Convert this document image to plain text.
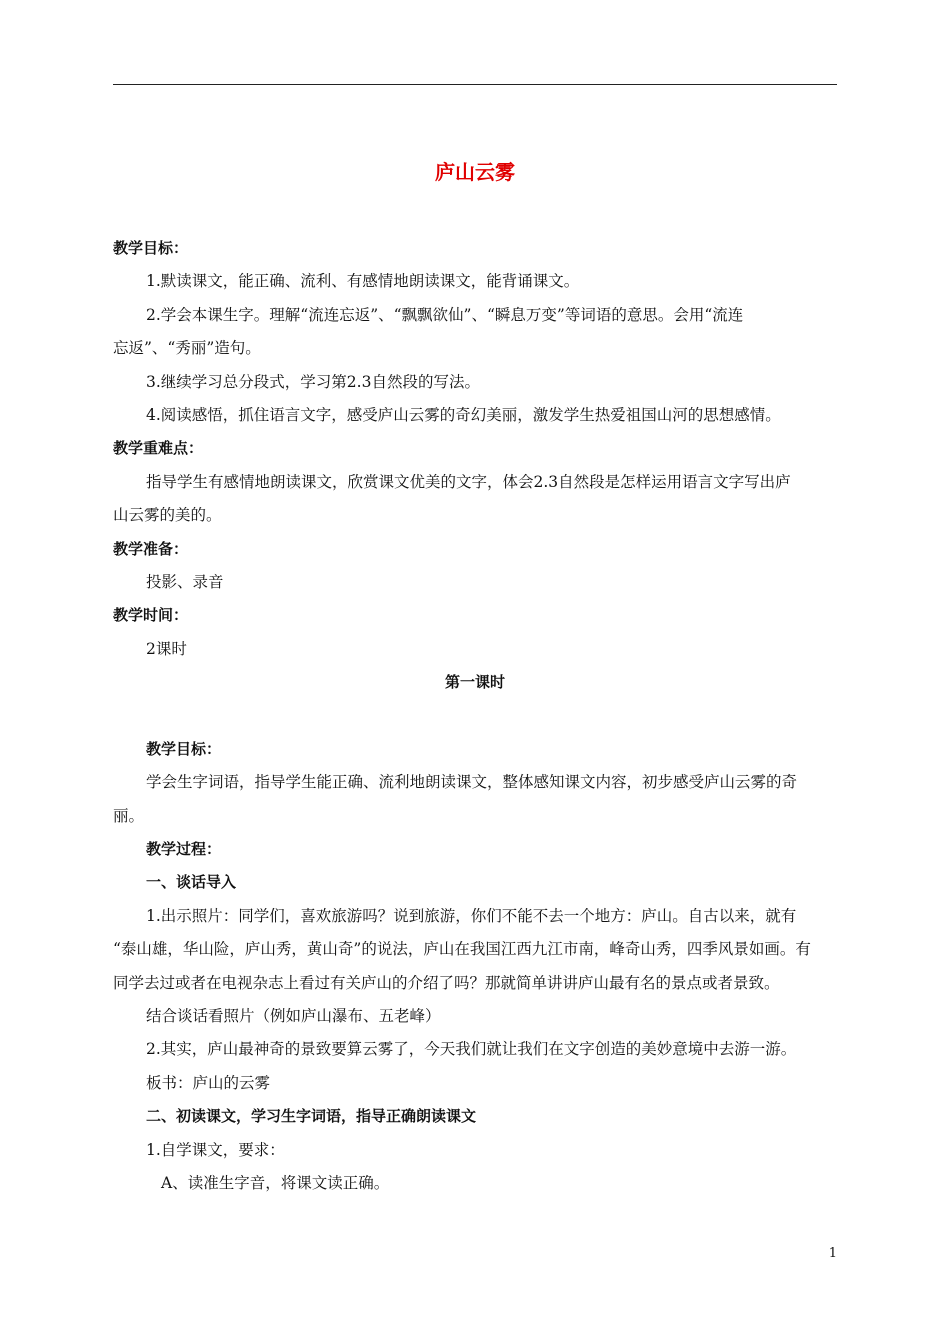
庐山云雾
教学目标：
1.默读课文，能正确、流利、有感情地朗读课文，能背诵课文。
2.学会本课生字。理解“流连忘返”、“飘飘欲仙”、“瞬息万变”等词语的意思。会用“流连
忘返”、“秀丽”造句。
3.继续学习总分段式，学习第2.3自然段的写法。
4.阅读感悟，抓住语言文字，感受庐山云雾的奇幻美丽，激发学生热爱祖国山河的思想感情。
教学重难点：
指导学生有感情地朗读课文，欣赏课文优美的文字，体会2.3自然段是怎样运用语言文字写出庐
山云雾的美的。
教学准备：
投影、录音
教学时间：
2课时
第一课时
教学目标：
学会生字词语，指导学生能正确、流利地朗读课文，整体感知课文内容，初步感受庐山云雾的奇
丽。
教学过程：
一、谈话导入
1.出示照片：同学们，喜欢旅游吗？说到旅游，你们不能不去一个地方：庐山。自古以来，就有
“泰山雄，华山险，庐山秀，黄山奇”的说法，庐山在我国江西九江市南，峰奇山秀，四季风景如画。有
同学去过或者在电视杂志上看过有关庐山的介绍了吗？那就简单讲讲庐山最有名的景点或者景致。
结合谈话看照片（例如庐山瀑布、五老峰）
2.其实，庐山最神奇的景致要算云雾了，今天我们就让我们在文字创造的美妙意境中去游一游。
板书：庐山的云雾
二、初读课文，学习生字词语，指导正确朗读课文
1.自学课文，要求：
A、读准生字音，将课文读正确。
1
